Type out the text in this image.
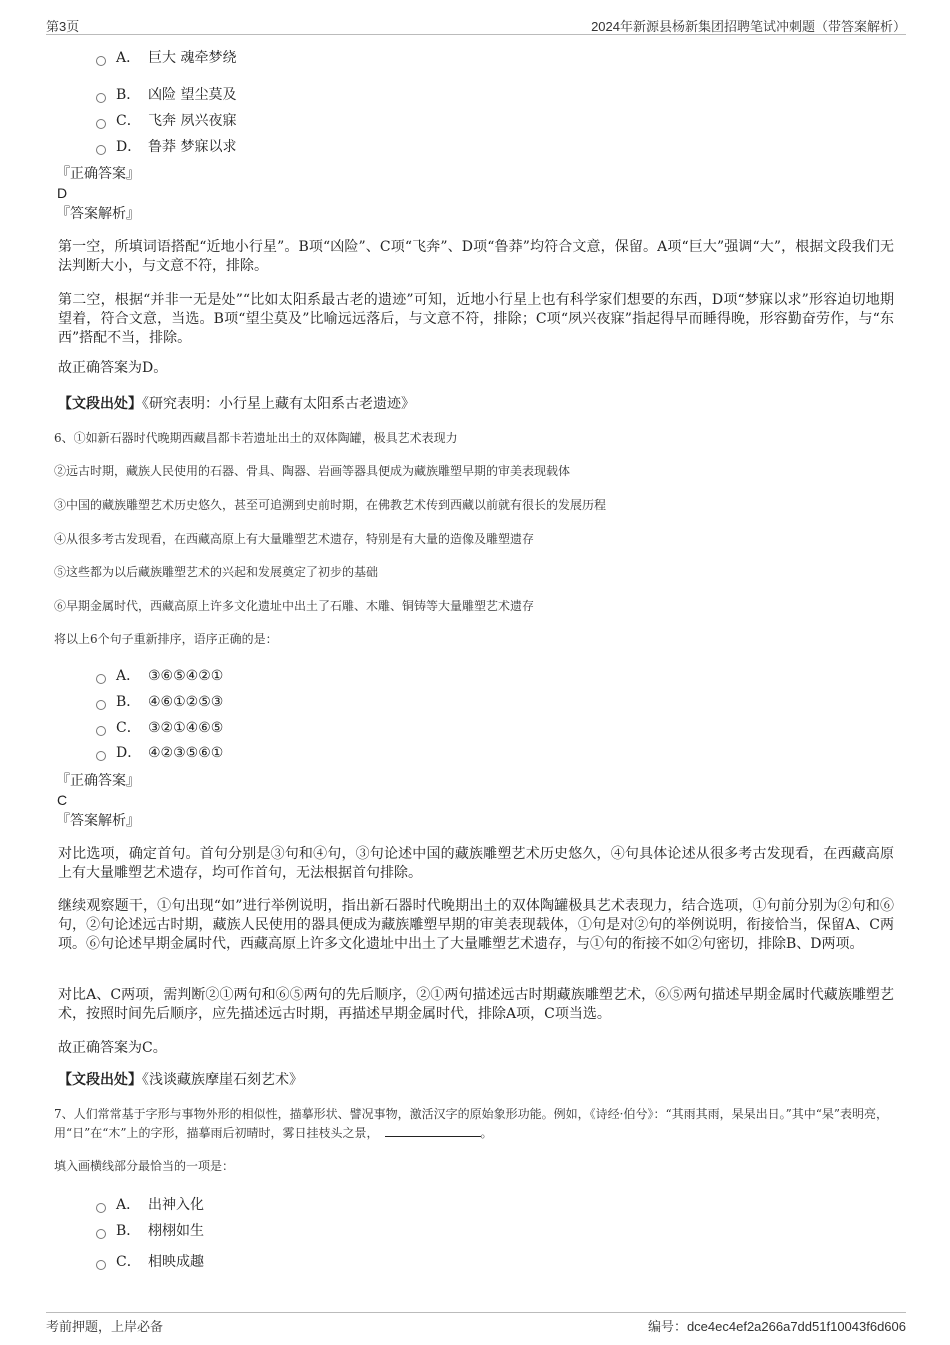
第3页	2024年新源县杨新集团招聘笔试冲刺题（带答案解析）
A． 巨大 魂牵梦绕
B． 凶险 望尘莫及
C． 飞奔 夙兴夜寐
D． 鲁莽 梦寐以求
『正确答案』
D
『答案解析』
第一空，所填词语搭配“近地小行星”。B项“凶险”、C项“飞奔”、D项“鲁莽”均符合文意，保留。A项“巨大”强调“大”，根据文段我们无法判断大小，与文意不符，排除。
第二空，根据“并非一无是处”“比如太阳系最古老的遗迹”可知，近地小行星上也有科学家们想要的东西，D项“梦寐以求”形容迫切地期望着，符合文意，当选。B项“望尘莫及”比喻远远落后，与文意不符，排除；C项“夙兴夜寐”指起得早而睡得晚，形容勤奋劳作，与“东西”搭配不当，排除。
故正确答案为D。
【文段出处】《研究表明：小行星上藏有太阳系古老遗迹》
6、①如新石器时代晚期西藏昌都卡若遗址出土的双体陶罐，极具艺术表现力
②远古时期，藏族人民使用的石器、骨具、陶器、岩画等器具便成为藏族雕塑早期的审美表现载体
③中国的藏族雕塑艺术历史悠久，甚至可追溯到史前时期，在佛教艺术传到西藏以前就有很长的发展历程
④从很多考古发现看，在西藏高原上有大量雕塑艺术遗存，特别是有大量的造像及雕塑遗存
⑤这些都为以后藏族雕塑艺术的兴起和发展奠定了初步的基础
⑥早期金属时代，西藏高原上许多文化遗址中出土了石雕、木雕、铜铸等大量雕塑艺术遗存
将以上6个句子重新排序，语序正确的是：
A． ③⑥⑤④②①
B． ④⑥①②⑤③
C． ③②①④⑥⑤
D． ④②③⑤⑥①
『正确答案』
C
『答案解析』
对比选项，确定首句。首句分别是③句和④句，③句论述中国的藏族雕塑艺术历史悠久，④句具体论述从很多考古发现看，在西藏高原上有大量雕塑艺术遗存，均可作首句，无法根据首句排除。
继续观察题干，①句出现“如”进行举例说明，指出新石器时代晚期出土的双体陶罐极具艺术表现力，结合选项，①句前分别为②句和⑥句，②句论述远古时期，藏族人民使用的器具便成为藏族雕塑早期的审美表现载体，①句是对②句的举例说明，衔接恰当，保留A、C两项。⑥句论述早期金属时代，西藏高原上许多文化遗址中出土了大量雕塑艺术遗存，与①句的衔接不如②句密切，排除B、D两项。
对比A、C两项，需判断②①两句和⑥⑤两句的先后顺序，②①两句描述远古时期藏族雕塑艺术，⑥⑤两句描述早期金属时代藏族雕塑艺术，按照时间先后顺序，应先描述远古时期，再描述早期金属时代，排除A项，C项当选。
故正确答案为C。
【文段出处】《浅谈藏族摩崖石刻艺术》
7、人们常常基于字形与事物外形的相似性，描摹形状、譬况事物，激活汉字的原始象形功能。例如，《诗经·伯兮》：“其雨其雨，杲杲出日。”其中“杲”表明亮，用“日”在“木”上的字形，描摹雨后初晴时，雾日挂枝头之景，	。
填入画横线部分最恰当的一项是：
A． 出神入化
B． 栩栩如生
C． 相映成趣
考前押题，上岸必备	编号：dce4ec4ef2a266a7dd51f10043f6d606
